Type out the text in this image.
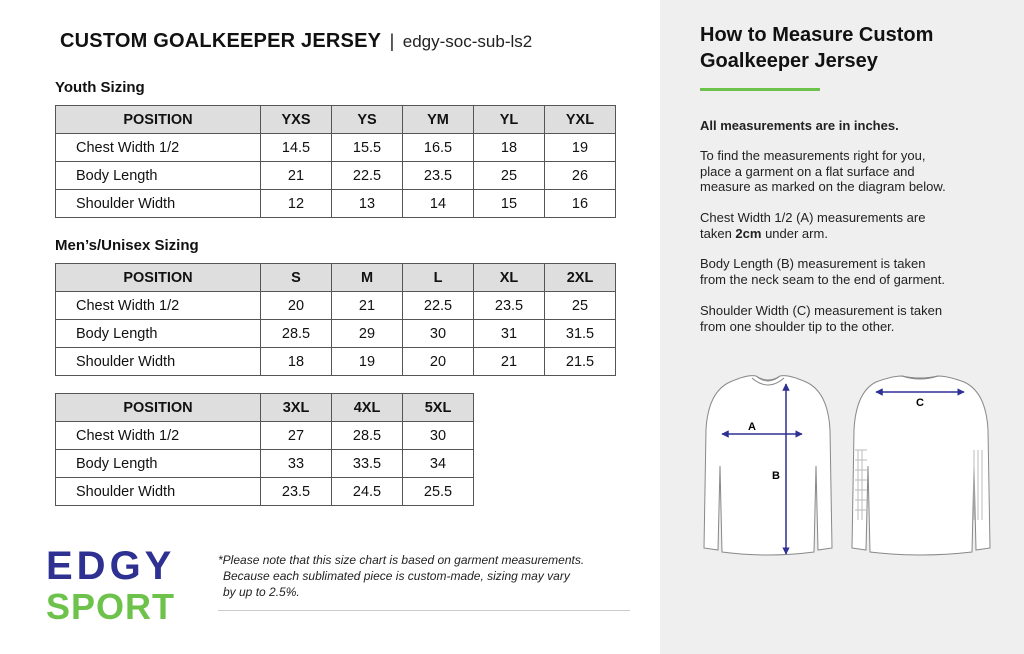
CUSTOM GOALKEEPER JERSEY | edgy-soc-sub-ls2
Youth Sizing
POSITION	YXS	YS	YM	YL	YXL
Chest Width 1/2	14.5	15.5	16.5	18	19
Body Length	21	22.5	23.5	25	26
Shoulder Width	12	13	14	15	16
Men’s/Unisex Sizing
POSITION	S	M	L	XL	2XL
Chest Width 1/2	20	21	22.5	23.5	25
Body Length	28.5	29	30	31	31.5
Shoulder Width	18	19	20	21	21.5
POSITION	3XL	4XL	5XL
Chest Width 1/2	27	28.5	30
Body Length	33	33.5	34
Shoulder Width	23.5	24.5	25.5
EDGY
SPORT
*Please note that this size chart is based on garment measurements.
Because each sublimated piece is custom-made, sizing may vary
by up to 2.5%.
How to Measure Custom
Goalkeeper Jersey
All measurements are in inches.
To find the measurements right for you,
place a garment on a flat surface and
measure as marked on the diagram below.
Chest Width 1/2 (A) measurements are
taken 2cm under arm.
Body Length (B) measurement is taken
from the neck seam to the end of garment.
Shoulder Width (C) measurement is taken
from one shoulder tip to the other.
A
B
C
